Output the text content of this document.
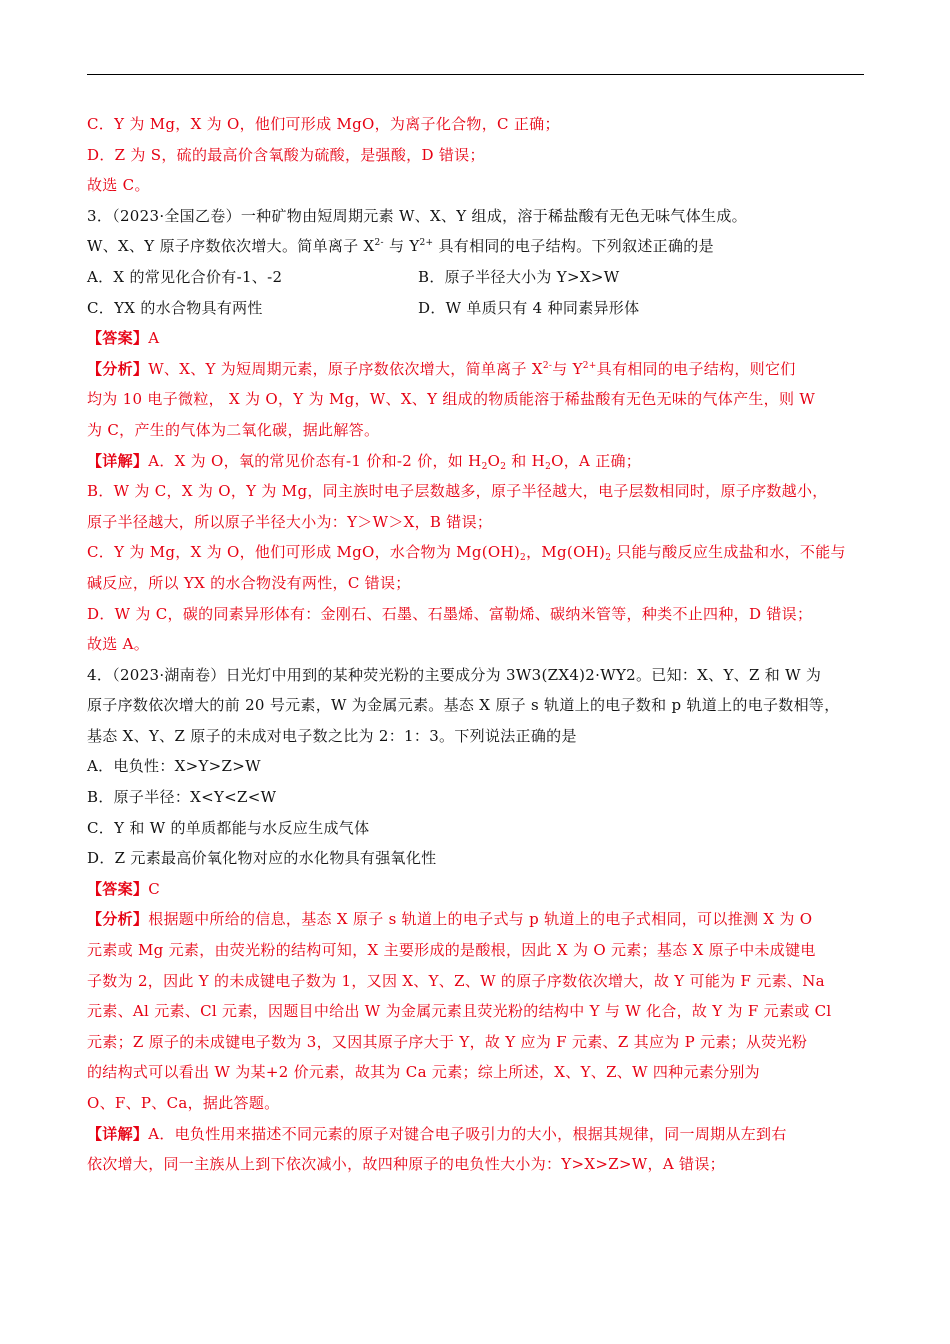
C．Y 为 Mg，X 为 O，他们可形成 MgO，为离子化合物，C 正确；
D．Z 为 S，硫的最高价含氧酸为硫酸，是强酸，D 错误；
故选 C。
3．（2023·全国乙卷）一种矿物由短周期元素 W、X、Y 组成，溶于稀盐酸有无色无味气体生成。
W、X、Y 原子序数依次增大。简单离子 $X^{2-}$ 与 $Y^{2+}$ 具有相同的电子结构。下列叙述正确的是
A．X 的常见化合价有-1、-2	B．原子半径大小为 Y>X>W
C．YX 的水合物具有两性	D．W 单质只有 4 种同素异形体
【答案】A
【分析】W、X、Y 为短周期元素，原子序数依次增大，简单离子 $X^{2-}$与 $Y^{2+}$具有相同的电子结构，则它们
均为 10 电子微粒， X 为 O，Y 为 Mg，W、X、Y 组成的物质能溶于稀盐酸有无色无味的气体产生，则 W
为 C，产生的气体为二氧化碳，据此解答。
【详解】A．X 为 O，氧的常见价态有-1 价和-2 价，如 $H_2O_2$ 和 $H_2O$，A 正确；
B．W 为 C，X 为 O，Y 为 Mg，同主族时电子层数越多，原子半径越大，电子层数相同时，原子序数越小，
原子半径越大，所以原子半径大小为：Y＞W＞X，B 错误；
C．Y 为 Mg，X 为 O，他们可形成 MgO，水合物为 $Mg(OH)_2$，$Mg(OH)_2$ 只能与酸反应生成盐和水，不能与
碱反应，所以 YX 的水合物没有两性，C 错误；
D．W 为 C，碳的同素异形体有：金刚石、石墨、石墨烯、富勒烯、碳纳米管等，种类不止四种，D 错误；
故选 A。
4．（2023·湖南卷）日光灯中用到的某种荧光粉的主要成分为 3W3(ZX4)2·WY2。已知：X、Y、Z 和 W 为
原子序数依次增大的前 20 号元素，W 为金属元素。基态 X 原子 s 轨道上的电子数和 p 轨道上的电子数相等，
基态 X、Y、Z 原子的未成对电子数之比为 2：1：3。下列说法正确的是
A．电负性：X>Y>Z>W
B．原子半径：X<Y<Z<W
C．Y 和 W 的单质都能与水反应生成气体
D．Z 元素最高价氧化物对应的水化物具有强氧化性
【答案】C
【分析】根据题中所给的信息，基态 X 原子 s 轨道上的电子式与 p 轨道上的电子式相同，可以推测 X 为 O
元素或 Mg 元素，由荧光粉的结构可知，X 主要形成的是酸根，因此 X 为 O 元素；基态 X 原子中未成键电
子数为 2，因此 Y 的未成键电子数为 1，又因 X、Y、Z、W 的原子序数依次增大，故 Y 可能为 F 元素、Na
元素、Al 元素、Cl 元素，因题目中给出 W 为金属元素且荧光粉的结构中 Y 与 W 化合，故 Y 为 F 元素或 Cl
元素；Z 原子的未成键电子数为 3，又因其原子序大于 Y，故 Y 应为 F 元素、Z 其应为 P 元素；从荧光粉
的结构式可以看出 W 为某+2 价元素，故其为 Ca 元素；综上所述，X、Y、Z、W 四种元素分别为
O、F、P、Ca，据此答题。
【详解】A．电负性用来描述不同元素的原子对键合电子吸引力的大小，根据其规律，同一周期从左到右
依次增大，同一主族从上到下依次减小，故四种原子的电负性大小为：Y>X>Z>W，A 错误；
